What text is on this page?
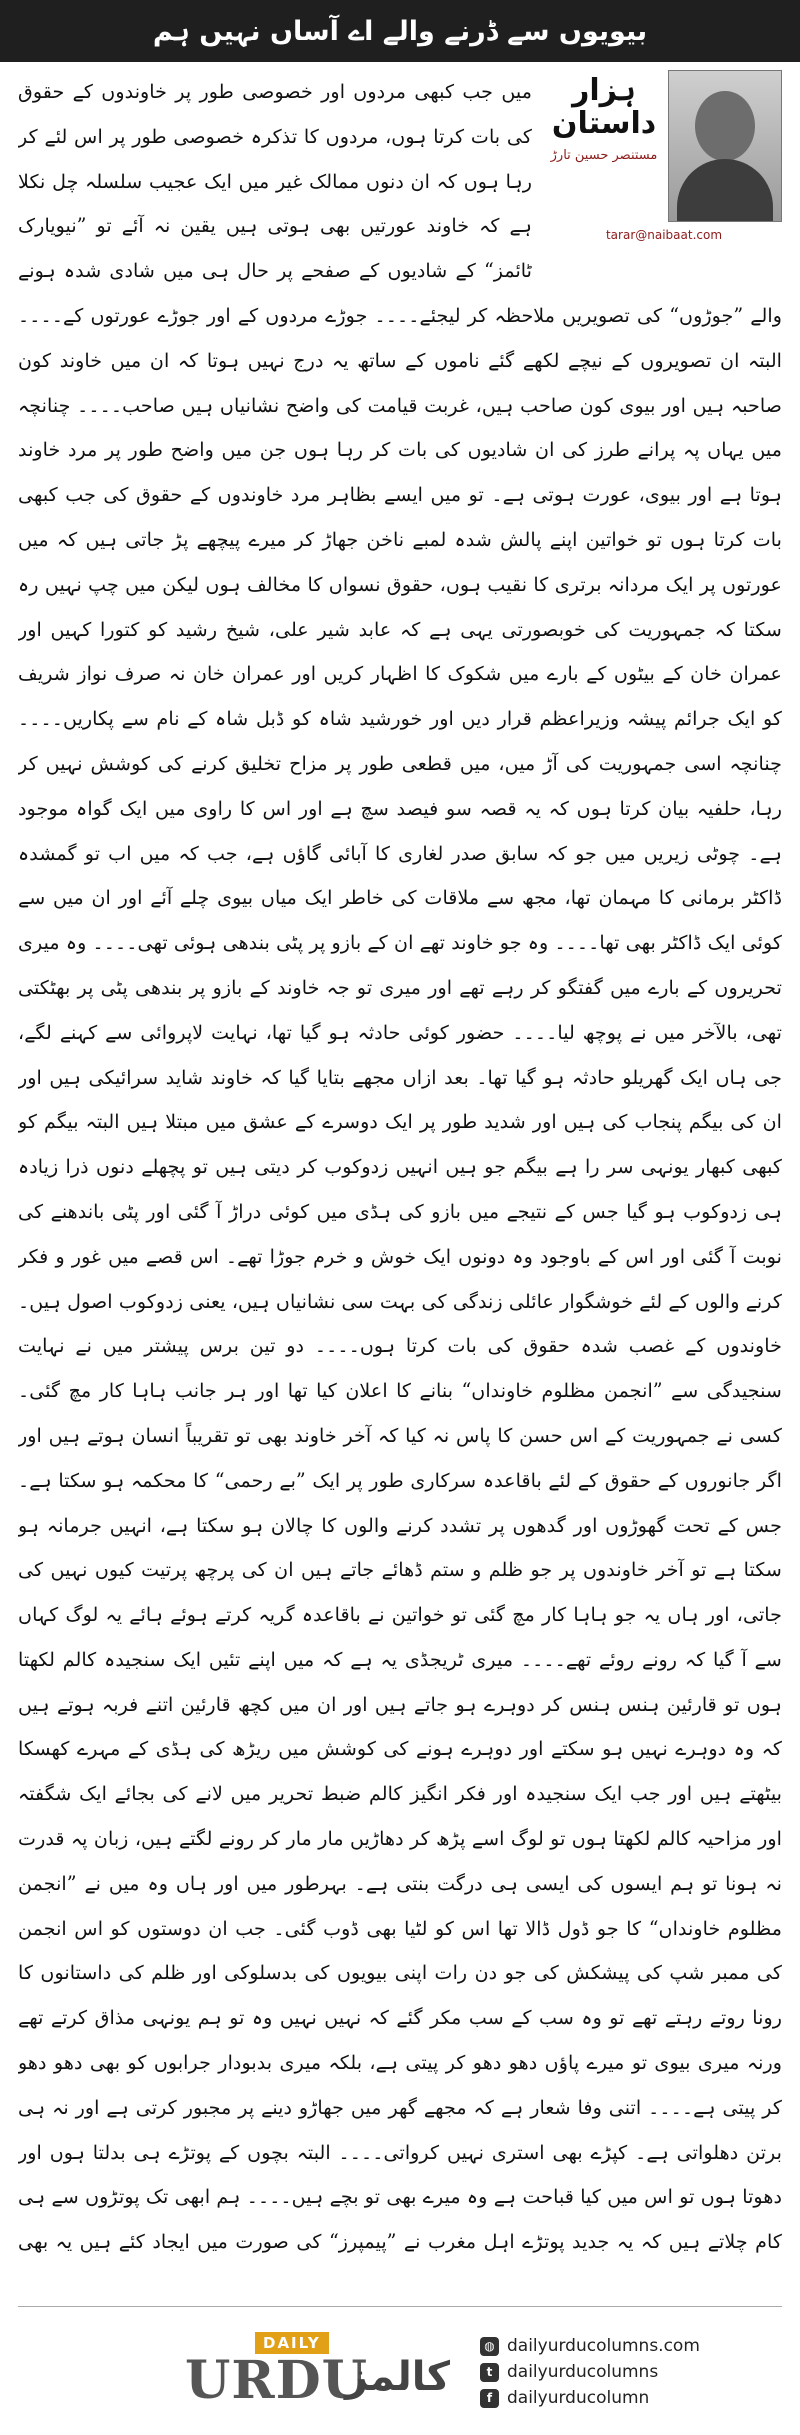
بیویوں سے ڈرنے والے اے آساں نہیں ہم
ہزار داستان
مستنصر حسین تارڑ
tarar@naibaat.com

میں جب کبھی مردوں اور خصوصی طور پر خاوندوں کے حقوق کی بات کرتا ہوں، مردوں کا تذکرہ خصوصی طور پر اس لئے کر رہا ہوں کہ ان دنوں ممالک غیر میں ایک عجیب سلسلہ چل نکلا ہے کہ خاوند عورتیں بھی ہوتی ہیں یقین نہ آئے تو ”نیویارک ٹائمز“ کے شادیوں کے صفحے پر حال ہی میں شادی شدہ ہونے والے ”جوڑوں“ کی تصویریں ملاحظہ کر لیجئے۔۔۔۔ جوڑے مردوں کے اور جوڑے عورتوں کے۔۔۔۔ البتہ ان تصویروں کے نیچے لکھے گئے ناموں کے ساتھ یہ درج نہیں ہوتا کہ ان میں خاوند کون صاحبہ ہیں اور بیوی کون صاحب ہیں، غربت قیامت کی واضح نشانیاں ہیں صاحب۔۔۔۔ چنانچہ میں یہاں پہ پرانے طرز کی ان شادیوں کی بات کر رہا ہوں جن میں واضح طور پر مرد خاوند ہوتا ہے اور بیوی، عورت ہوتی ہے۔ تو میں ایسے بظاہر مرد خاوندوں کے حقوق کی جب کبھی بات کرتا ہوں تو خواتین اپنے پالش شدہ لمبے ناخن جھاڑ کر میرے پیچھے پڑ جاتی ہیں کہ میں عورتوں پر ایک مردانہ برتری کا نقیب ہوں، حقوق نسواں کا مخالف ہوں لیکن میں چپ نہیں رہ سکتا کہ جمہوریت کی خوبصورتی یہی ہے کہ عابد شیر علی، شیخ رشید کو کتورا کہیں اور عمران خان کے بیٹوں کے بارے میں شکوک کا اظہار کریں اور عمران خان نہ صرف نواز شریف کو ایک جرائم پیشہ وزیراعظم قرار دیں اور خورشید شاہ کو ڈبل شاہ کے نام سے پکاریں۔۔۔۔ چنانچہ اسی جمہوریت کی آڑ میں، میں قطعی طور پر مزاح تخلیق کرنے کی کوشش نہیں کر رہا، حلفیہ بیان کرتا ہوں کہ یہ قصہ سو فیصد سچ ہے اور اس کا راوی میں ایک گواہ موجود ہے۔ چوٹی زیریں میں جو کہ سابق صدر لغاری کا آبائی گاؤں ہے، جب کہ میں اب تو گمشدہ ڈاکٹر برمانی کا مہمان تھا، مجھ سے ملاقات کی خاطر ایک میاں بیوی چلے آئے اور ان میں سے کوئی ایک ڈاکٹر بھی تھا۔۔۔۔ وہ جو خاوند تھے ان کے بازو پر پٹی بندھی ہوئی تھی۔۔۔۔ وہ میری تحریروں کے بارے میں گفتگو کر رہے تھے اور میری تو جہ خاوند کے بازو پر بندھی پٹی پر بھٹکتی تھی، بالآخر میں نے پوچھ لیا۔۔۔۔ حضور کوئی حادثہ ہو گیا تھا، نہایت لاپروائی سے کہنے لگے، جی ہاں ایک گھریلو حادثہ ہو گیا تھا۔ بعد ازاں مجھے بتایا گیا کہ خاوند شاید سرائیکی ہیں اور ان کی بیگم پنجاب کی ہیں اور شدید طور پر ایک دوسرے کے عشق میں مبتلا ہیں البتہ بیگم کو کبھی کبھار یونہی سر را ہے بیگم جو ہیں انہیں زدوکوب کر دیتی ہیں تو پچھلے دنوں ذرا زیادہ ہی زدوکوب ہو گیا جس کے نتیجے میں بازو کی ہڈی میں کوئی دراڑ آ گئی اور پٹی باندھنے کی نوبت آ گئی اور اس کے باوجود وہ دونوں ایک خوش و خرم جوڑا تھے۔ اس قصے میں غور و فکر کرنے والوں کے لئے خوشگوار عائلی زندگی کی بہت سی نشانیاں ہیں، یعنی زدوکوب اصول ہیں۔ خاوندوں کے غصب شدہ حقوق کی بات کرتا ہوں۔۔۔۔ دو تین برس پیشتر میں نے نہایت سنجیدگی سے ”انجمن مظلوم خاونداں“ بنانے کا اعلان کیا تھا اور ہر جانب ہاہا کار مچ گئی۔ کسی نے جمہوریت کے اس حسن کا پاس نہ کیا کہ آخر خاوند بھی تو تقریباً انسان ہوتے ہیں اور اگر جانوروں کے حقوق کے لئے باقاعدہ سرکاری طور پر ایک ”بے رحمی“ کا محکمہ ہو سکتا ہے۔ جس کے تحت گھوڑوں اور گدھوں پر تشدد کرنے والوں کا چالان ہو سکتا ہے، انہیں جرمانہ ہو سکتا ہے تو آخر خاوندوں پر جو ظلم و ستم ڈھائے جاتے ہیں ان کی پرچھ پرتیت کیوں نہیں کی جاتی، اور ہاں یہ جو ہاہا کار مچ گئی تو خواتین نے باقاعدہ گریہ کرتے ہوئے ہائے یہ لوگ کہاں سے آ گیا کہ رونے روئے تھے۔۔۔۔ میری ٹریجڈی یہ ہے کہ میں اپنے تئیں ایک سنجیدہ کالم لکھتا ہوں تو قارئین ہنس ہنس کر دوہرے ہو جاتے ہیں اور ان میں کچھ قارئین اتنے فربہ ہوتے ہیں کہ وہ دوہرے نہیں ہو سکتے اور دوہرے ہونے کی کوشش میں ریڑھ کی ہڈی کے مہرے کھسکا بیٹھتے ہیں اور جب ایک سنجیدہ اور فکر انگیز کالم ضبط تحریر میں لانے کی بجائے ایک شگفتہ اور مزاحیہ کالم لکھتا ہوں تو لوگ اسے پڑھ کر دھاڑیں مار مار کر رونے لگتے ہیں، زبان پہ قدرت نہ ہونا تو ہم ایسوں کی ایسی ہی درگت بنتی ہے۔ بہرطور میں اور ہاں وہ میں نے ”انجمن مظلوم خاونداں“ کا جو ڈول ڈالا تھا اس کو لٹیا بھی ڈوب گئی۔ جب ان دوستوں کو اس انجمن کی ممبر شپ کی پیشکش کی جو دن رات اپنی بیویوں کی بدسلوکی اور ظلم کی داستانوں کا رونا روتے رہتے تھے تو وہ سب کے سب مکر گئے کہ نہیں نہیں وہ تو ہم یونہی مذاق کرتے تھے ورنہ میری بیوی تو میرے پاؤں دھو دھو کر پیتی ہے، بلکہ میری بدبودار جرابوں کو بھی دھو دھو کر پیتی ہے۔۔۔۔ اتنی وفا شعار ہے کہ مجھے گھر میں جھاڑو دینے پر مجبور کرتی ہے اور نہ ہی برتن دھلواتی ہے۔ کپڑے بھی استری نہیں کرواتی۔۔۔۔ البتہ بچوں کے پوتڑے ہی بدلتا ہوں اور دھوتا ہوں تو اس میں کیا قباحت ہے وہ میرے بھی تو بچے ہیں۔۔۔۔ ہم ابھی تک پوتڑوں سے ہی کام چلاتے ہیں کہ یہ جدید پوتڑے اہل مغرب نے ”پیمپرز“ کی صورت میں ایجاد کئے ہیں یہ بھی

DAILY
URDU
کالمز
◍ dailyurducolumns.com
t dailyurducolumns
f dailyurducolumn
